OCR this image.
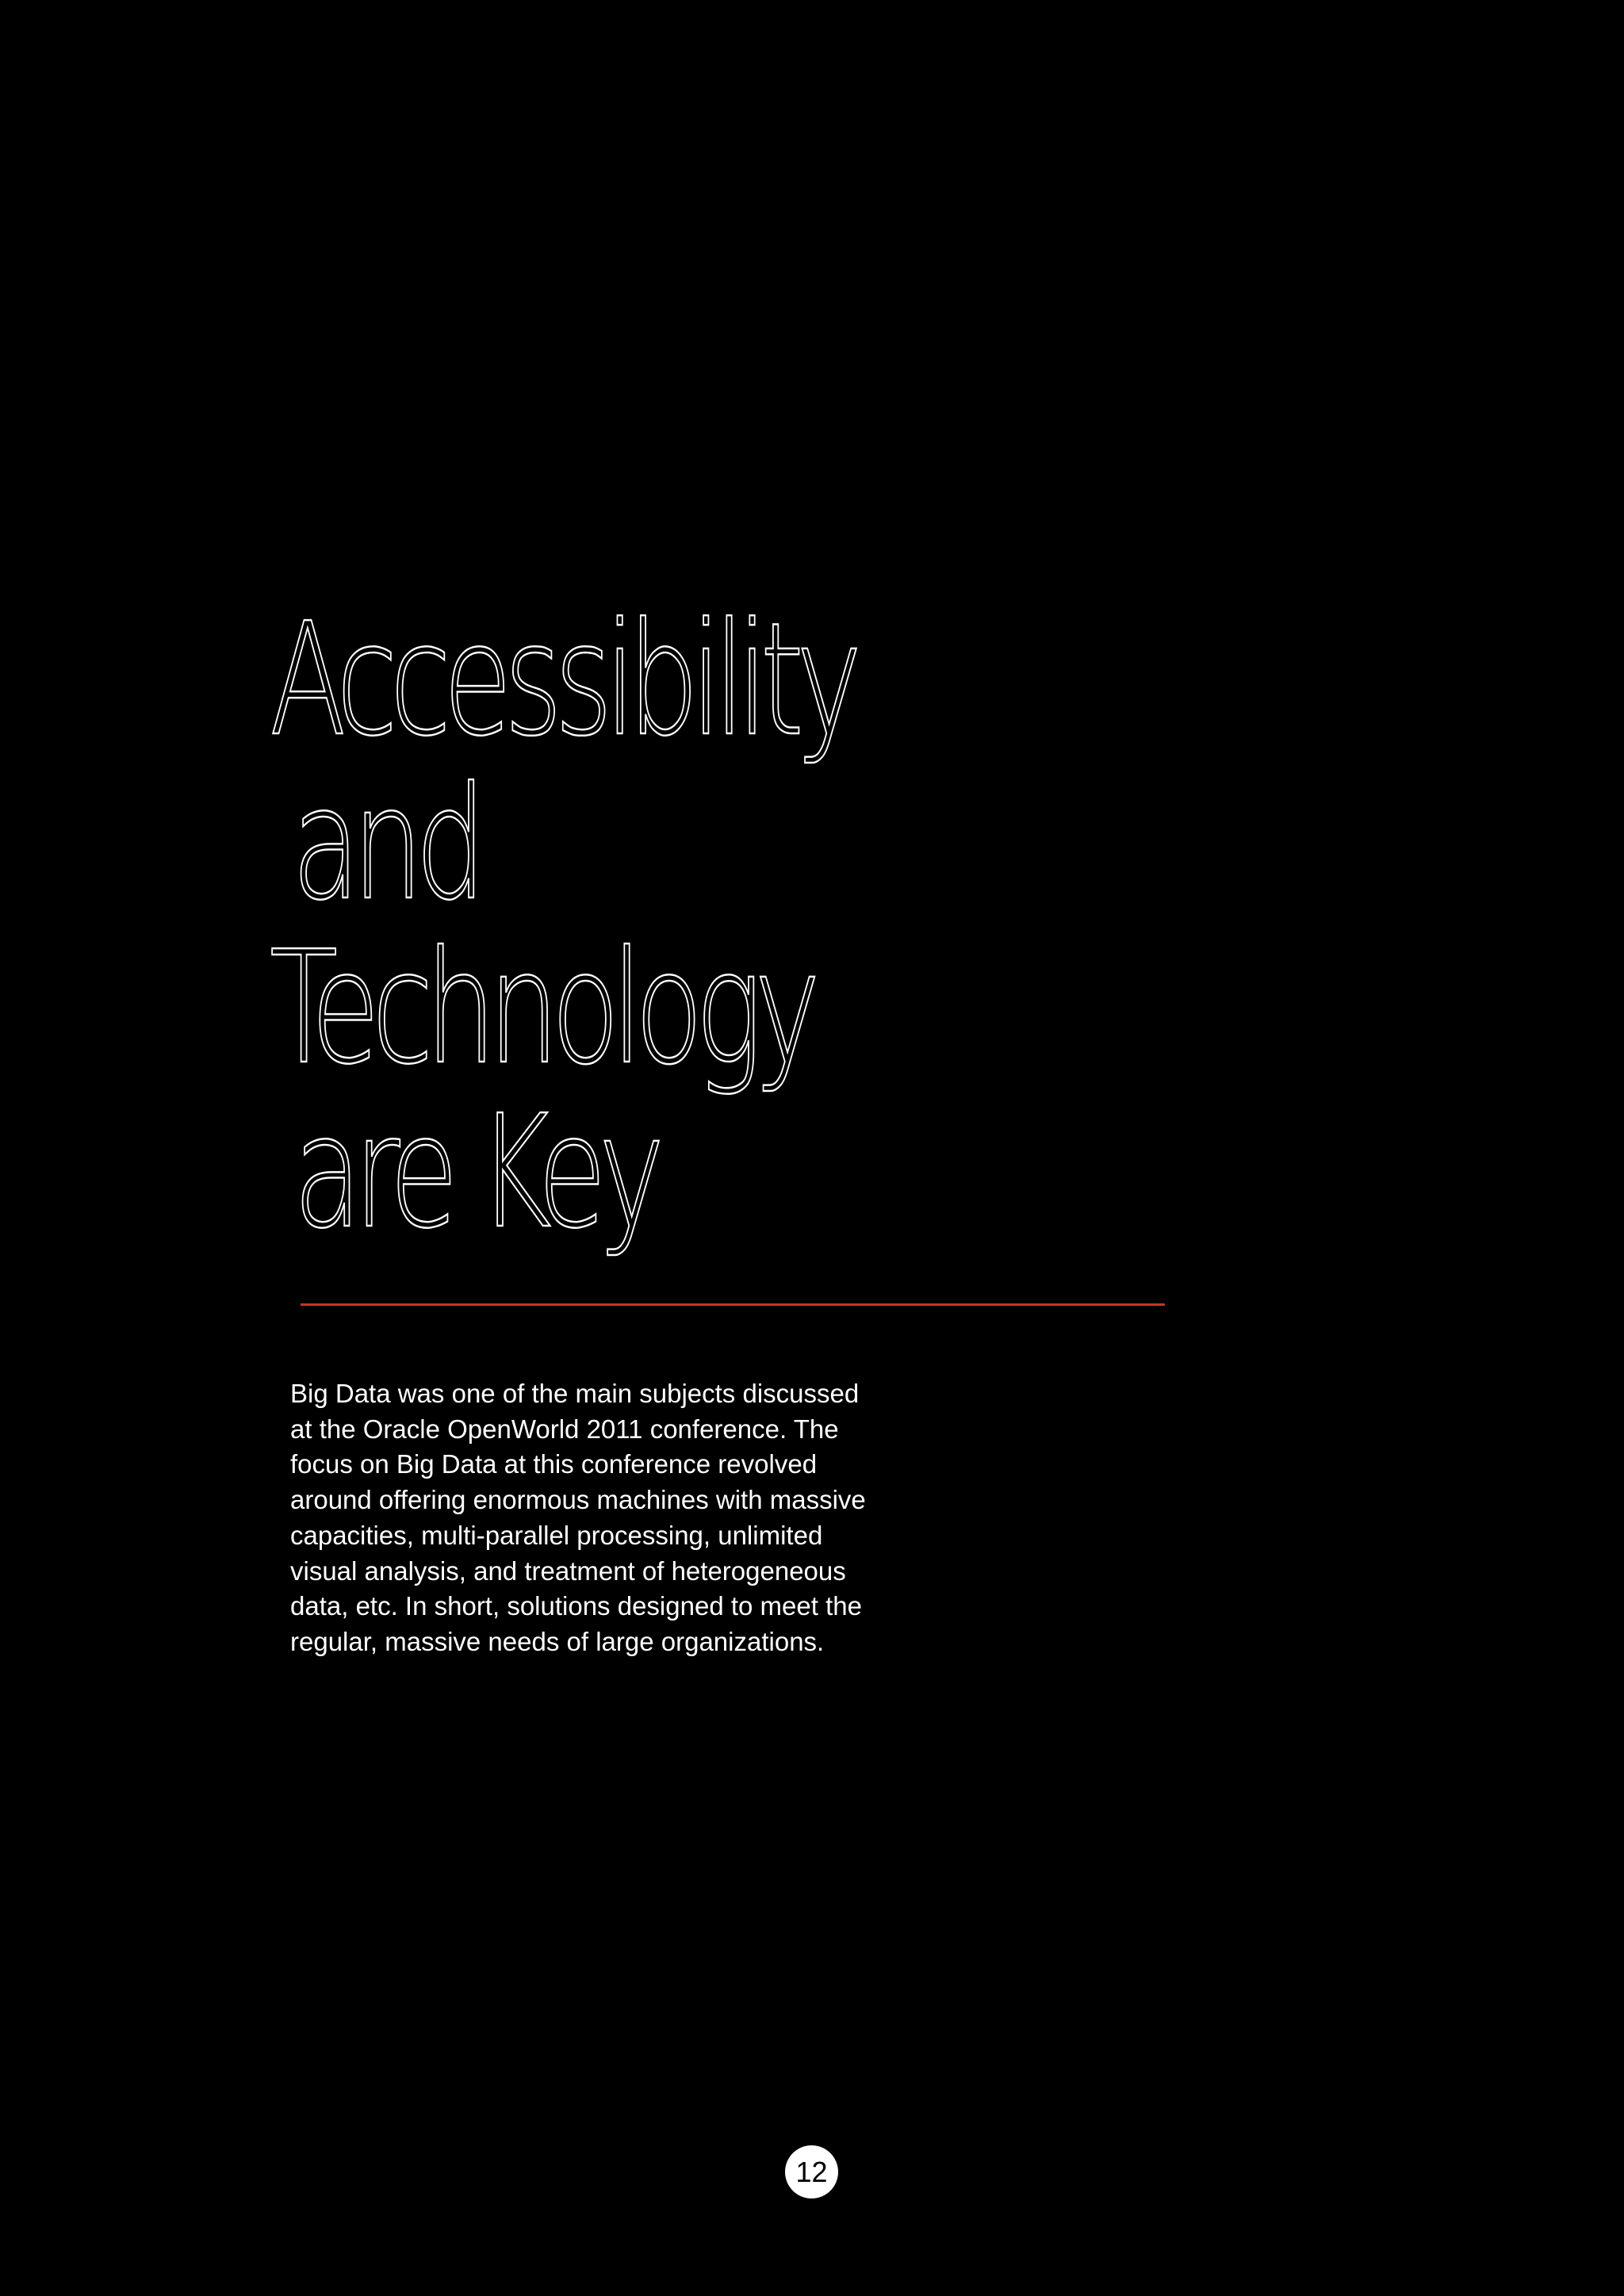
Accessibility
and
Technology
are Key

Big Data was one of the main subjects discussed
at the Oracle OpenWorld 2011 conference. The
focus on Big Data at this conference revolved
around offering enormous machines with massive
capacities, multi-parallel processing, unlimited
visual analysis, and treatment of heterogeneous
data, etc. In short, solutions designed to meet the
regular, massive needs of large organizations.

12
